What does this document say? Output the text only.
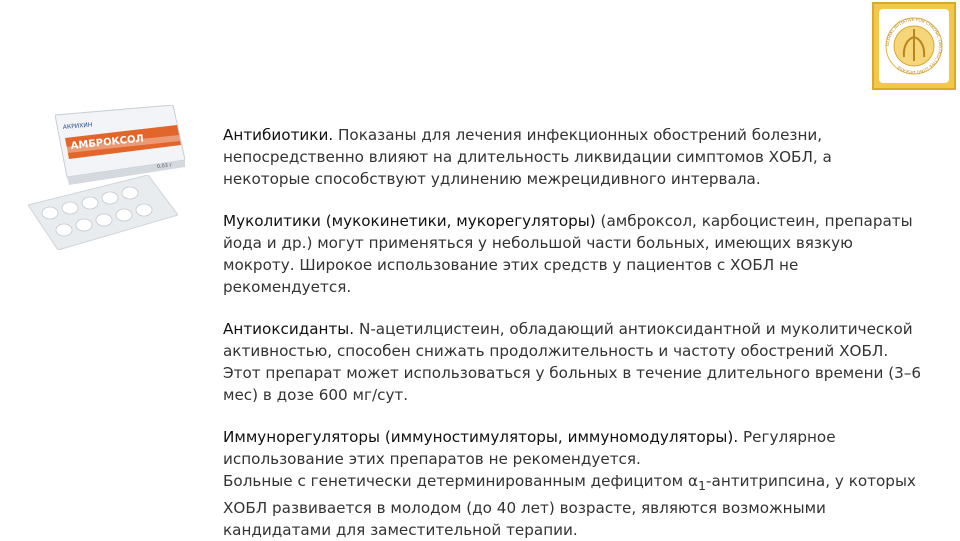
GLOBAL INITIATIVE FOR CHRONIC OBSTRUCTIVE LUNG DISEASE
АКРИХИН
АМБРОКСОЛ
0,03 г

Антибиотики. Показаны для лечения инфекционных обострений болезни, непосредственно влияют на длительность ликвидации симптомов ХОБЛ, а некоторые способствуют удлинению межрецидивного интервала.

Муколитики (мукокинетики, мукорегуляторы) (амброксол, карбоцистеин, препараты йода и др.) могут применяться у небольшой части больных, имеющих вязкую мокроту. Широкое использование этих средств у пациентов с ХОБЛ не рекомендуется.

Антиоксиданты. N-ацетилцистеин, обладающий антиоксидантной и муколитической активностью, способен снижать продолжительность и частоту обострений ХОБЛ. Этот препарат может использоваться у больных в течение длительного времени (3–6 мес) в дозе 600 мг/сут.

Иммунорегуляторы (иммуностимуляторы, иммуномодуляторы). Регулярное использование этих препаратов не рекомендуется.
Больные с генетически детерминированным дефицитом $\alpha_1$-антитрипсина, у которых ХОБЛ развивается в молодом (до 40 лет) возрасте, являются возможными кандидатами для заместительной терапии.
